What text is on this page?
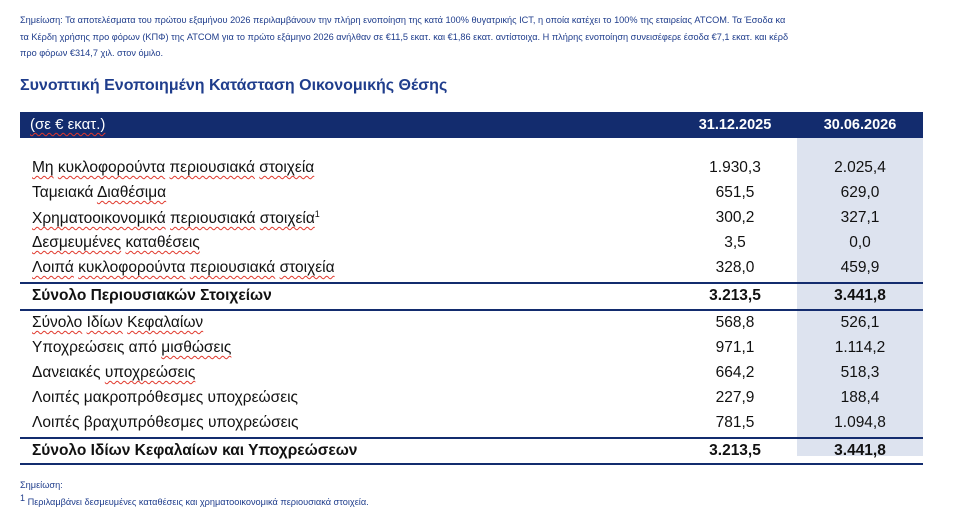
Σημείωση: Τα αποτελέσματα του πρώτου εξαμήνου 2026 περιλαμβάνουν την πλήρη ενοποίηση της κατά 100% θυγατρικής ICT, η οποία κατέχει το 100% της εταιρείας ATCOM. Τα Έσοδα κα
τα Κέρδη χρήσης προ φόρων (ΚΠΦ) της ATCOM για το πρώτο εξάμηνο 2026 ανήλθαν σε €11,5 εκατ. και €1,86 εκατ. αντίστοιχα. Η πλήρης ενοποίηση συνεισέφερε έσοδα €7,1 εκατ. και κέρδ
προ φόρων €314,7 χιλ. στον όμιλο.
Συνοπτική Ενοποιημένη Κατάσταση Οικονομικής Θέσης
(σε € εκατ.)	31.12.2025	30.06.2026
Μη κυκλοφορούντα περιουσιακά στοιχεία	1.930,3	2.025,4
Ταμειακά Διαθέσιμα	651,5	629,0
Χρηματοοικονομικά περιουσιακά στοιχεία$^1$	300,2	327,1
Δεσμευμένες καταθέσεις	3,5	0,0
Λοιπά κυκλοφορούντα περιουσιακά στοιχεία	328,0	459,9
Σύνολο Περιουσιακών Στοιχείων	3.213,5	3.441,8
Σύνολο Ιδίων Κεφαλαίων	568,8	526,1
Υποχρεώσεις από μισθώσεις	971,1	1.114,2
Δανειακές υποχρεώσεις	664,2	518,3
Λοιπές μακροπρόθεσμες υποχρεώσεις	227,9	188,4
Λοιπές βραχυπρόθεσμες υποχρεώσεις	781,5	1.094,8
Σύνολο Ιδίων Κεφαλαίων και Υποχρεώσεων	3.213,5	3.441,8
Σημείωση:
$^1$ Περιλαμβάνει δεσμευμένες καταθέσεις και χρηματοοικονομικά περιουσιακά στοιχεία.
